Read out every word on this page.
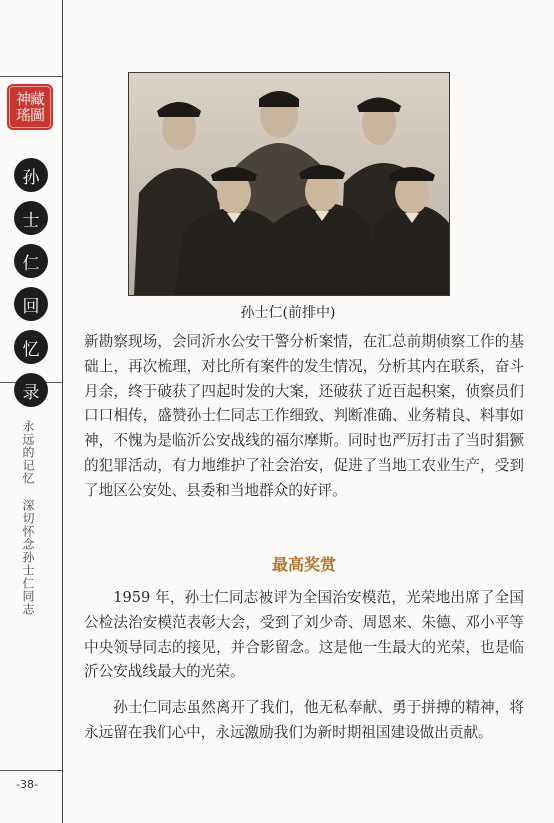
神藏瑤圖
孙
士
仁
回
忆
录
永远的记忆深切怀念孙士仁同志
-38-
孙士仁(前排中)
新勘察现场，会同沂水公安干警分析案情，在汇总前期侦察工作的基础上，再次梳理，对比所有案件的发生情况，分析其内在联系，奋斗月余，终于破获了四起时发的大案，还破获了近百起积案，侦察员们口口相传，盛赞孙士仁同志工作细致、判断准确、业务精良、料事如神，不愧为是临沂公安战线的福尔摩斯。同时也严厉打击了当时猖獗的犯罪活动，有力地维护了社会治安，促进了当地工农业生产，受到了地区公安处、县委和当地群众的好评。
最高奖赏
1959 年，孙士仁同志被评为全国治安模范，光荣地出席了全国公检法治安模范表彰大会，受到了刘少奇、周恩来、朱德、邓小平等中央领导同志的接见，并合影留念。这是他一生最大的光荣，也是临沂公安战线最大的光荣。
孙士仁同志虽然离开了我们，他无私奉献、勇于拼搏的精神，将永远留在我们心中，永远激励我们为新时期祖国建设做出贡献。
